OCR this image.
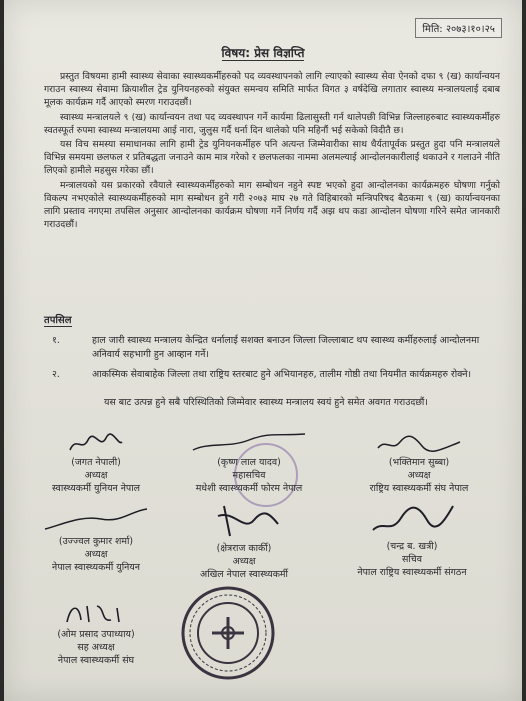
मिति: २०७३।१०।२५
विषय: प्रेस विज्ञप्ति

प्रस्तुत विषयमा हामी स्वास्थ्य सेवाका स्वास्थ्यकर्मीहरुको पद व्यवस्थापनको लागि ल्याएको स्वास्थ्य सेवा ऐनको दफा ९ (ख) कार्यान्वयन गराउन स्वास्थ्य सेवामा क्रियाशील ट्रेड युनियनहरुको संयुक्त समन्वय समिति मार्फत विगत ३ वर्षदेखि लगातार स्वास्थ्य मन्त्रालयलाई दबाब मूलक कार्यक्रम गर्दै आएको स्मरण गराउदछौं।

स्वास्थ्य मन्त्रालयले ९ (ख) कार्यान्वयन तथा पद व्यवस्थापन गर्ने कार्यमा ढिलासुस्ती गर्न थालेपछी विभिन्न जिल्लाहरुबाट स्वास्थ्यकर्मीहरु स्वतस्फूर्त रुपमा स्वास्थ्य मन्त्रालयमा आई नारा, जुलुस गर्दै धर्ना दिन थालेको पनि महिनौं भई सकेको विदीतै छ।

यस विच समस्या समाधानका लागि हामी ट्रेड युनियनकर्मीहरु पनि अत्यन्त जिम्मेवारीका साथ धैर्यतापूर्वक प्रस्तुत हुदा पनि मन्त्रालयले विभिन्न समयमा छलफल र प्रतिबद्धता जनाउने काम मात्र गरेको र छलफलका नाममा अलमल्याई आन्दोलनकारीलाई थकाउने र गलाउने नीति लिएको हामीले महसुस गरेका छौं।

मन्त्रालयको यस प्रकारको रवैयाले स्वास्थ्यकर्मीहरुको माग सम्बोधन नहुने स्पष्ट भएको हुदा आन्दोलनका कार्यक्रमहरु घोषणा गर्नुको विकल्प नभएकोले स्वास्थ्यकर्मीहरुको माग सम्बोधन हुने गरी २०७३ माघ २७ गते विहिबारको मन्त्रिपरिषद बैठकमा ९ (ख) कार्यान्वयनका लागि प्रस्ताव नगएमा तपसिल अनुसार आन्दोलनका कार्यक्रम घोषणा गर्ने निर्णय गर्दै अझ थप कडा आन्दोलन घोषणा गरिने समेत जानकारी गराउदछौं।

तपसिल
१.	हाल जारी स्वास्थ्य मन्त्रालय केन्द्रित धर्नालाई सशक्त बनाउन जिल्ला जिल्लाबाट थप स्वास्थ्य कर्मीहरुलाई आन्दोलनमा अनिवार्य सहभागी हुन आव्हान गर्ने।
२.	आकस्मिक सेवाबाहेक जिल्ला तथा राष्ट्रिय स्तरबाट हुने अभियानहरु, तालीम गोष्ठी तथा नियमीत कार्यक्रमहरु रोक्ने।
यस बाट उत्पन्न हुने सबै परिस्थितिको जिम्मेवार स्वास्थ्य मन्त्रालय स्वयं हुने समेत अवगत गराउदछौं।
(जगत नेपाली)
अध्यक्ष
स्वास्थ्यकर्मी युनियन नेपाल
(कृष्ण लाल यादव)
महासचिव
मधेशी स्वास्थ्यकर्मी फोरम नेपाल
(भक्तिमान सुब्बा)
अध्यक्ष
राष्ट्रिय स्वास्थ्यकर्मी संघ नेपाल
(उज्ज्वल कुमार शर्मा)
अध्यक्ष
नेपाल स्वास्थ्यकर्मी युनियन
(क्षेत्रराज कार्की)
अध्यक्ष
अखिल नेपाल स्वास्थ्यकर्मी
(चन्द्र ब. खत्री)
सचिव
नेपाल राष्ट्रिय स्वास्थ्यकर्मी संगठन
(ओम प्रसाद उपाध्याय)
सह अध्यक्ष
नेपाल स्वास्थ्यकर्मी संघ
